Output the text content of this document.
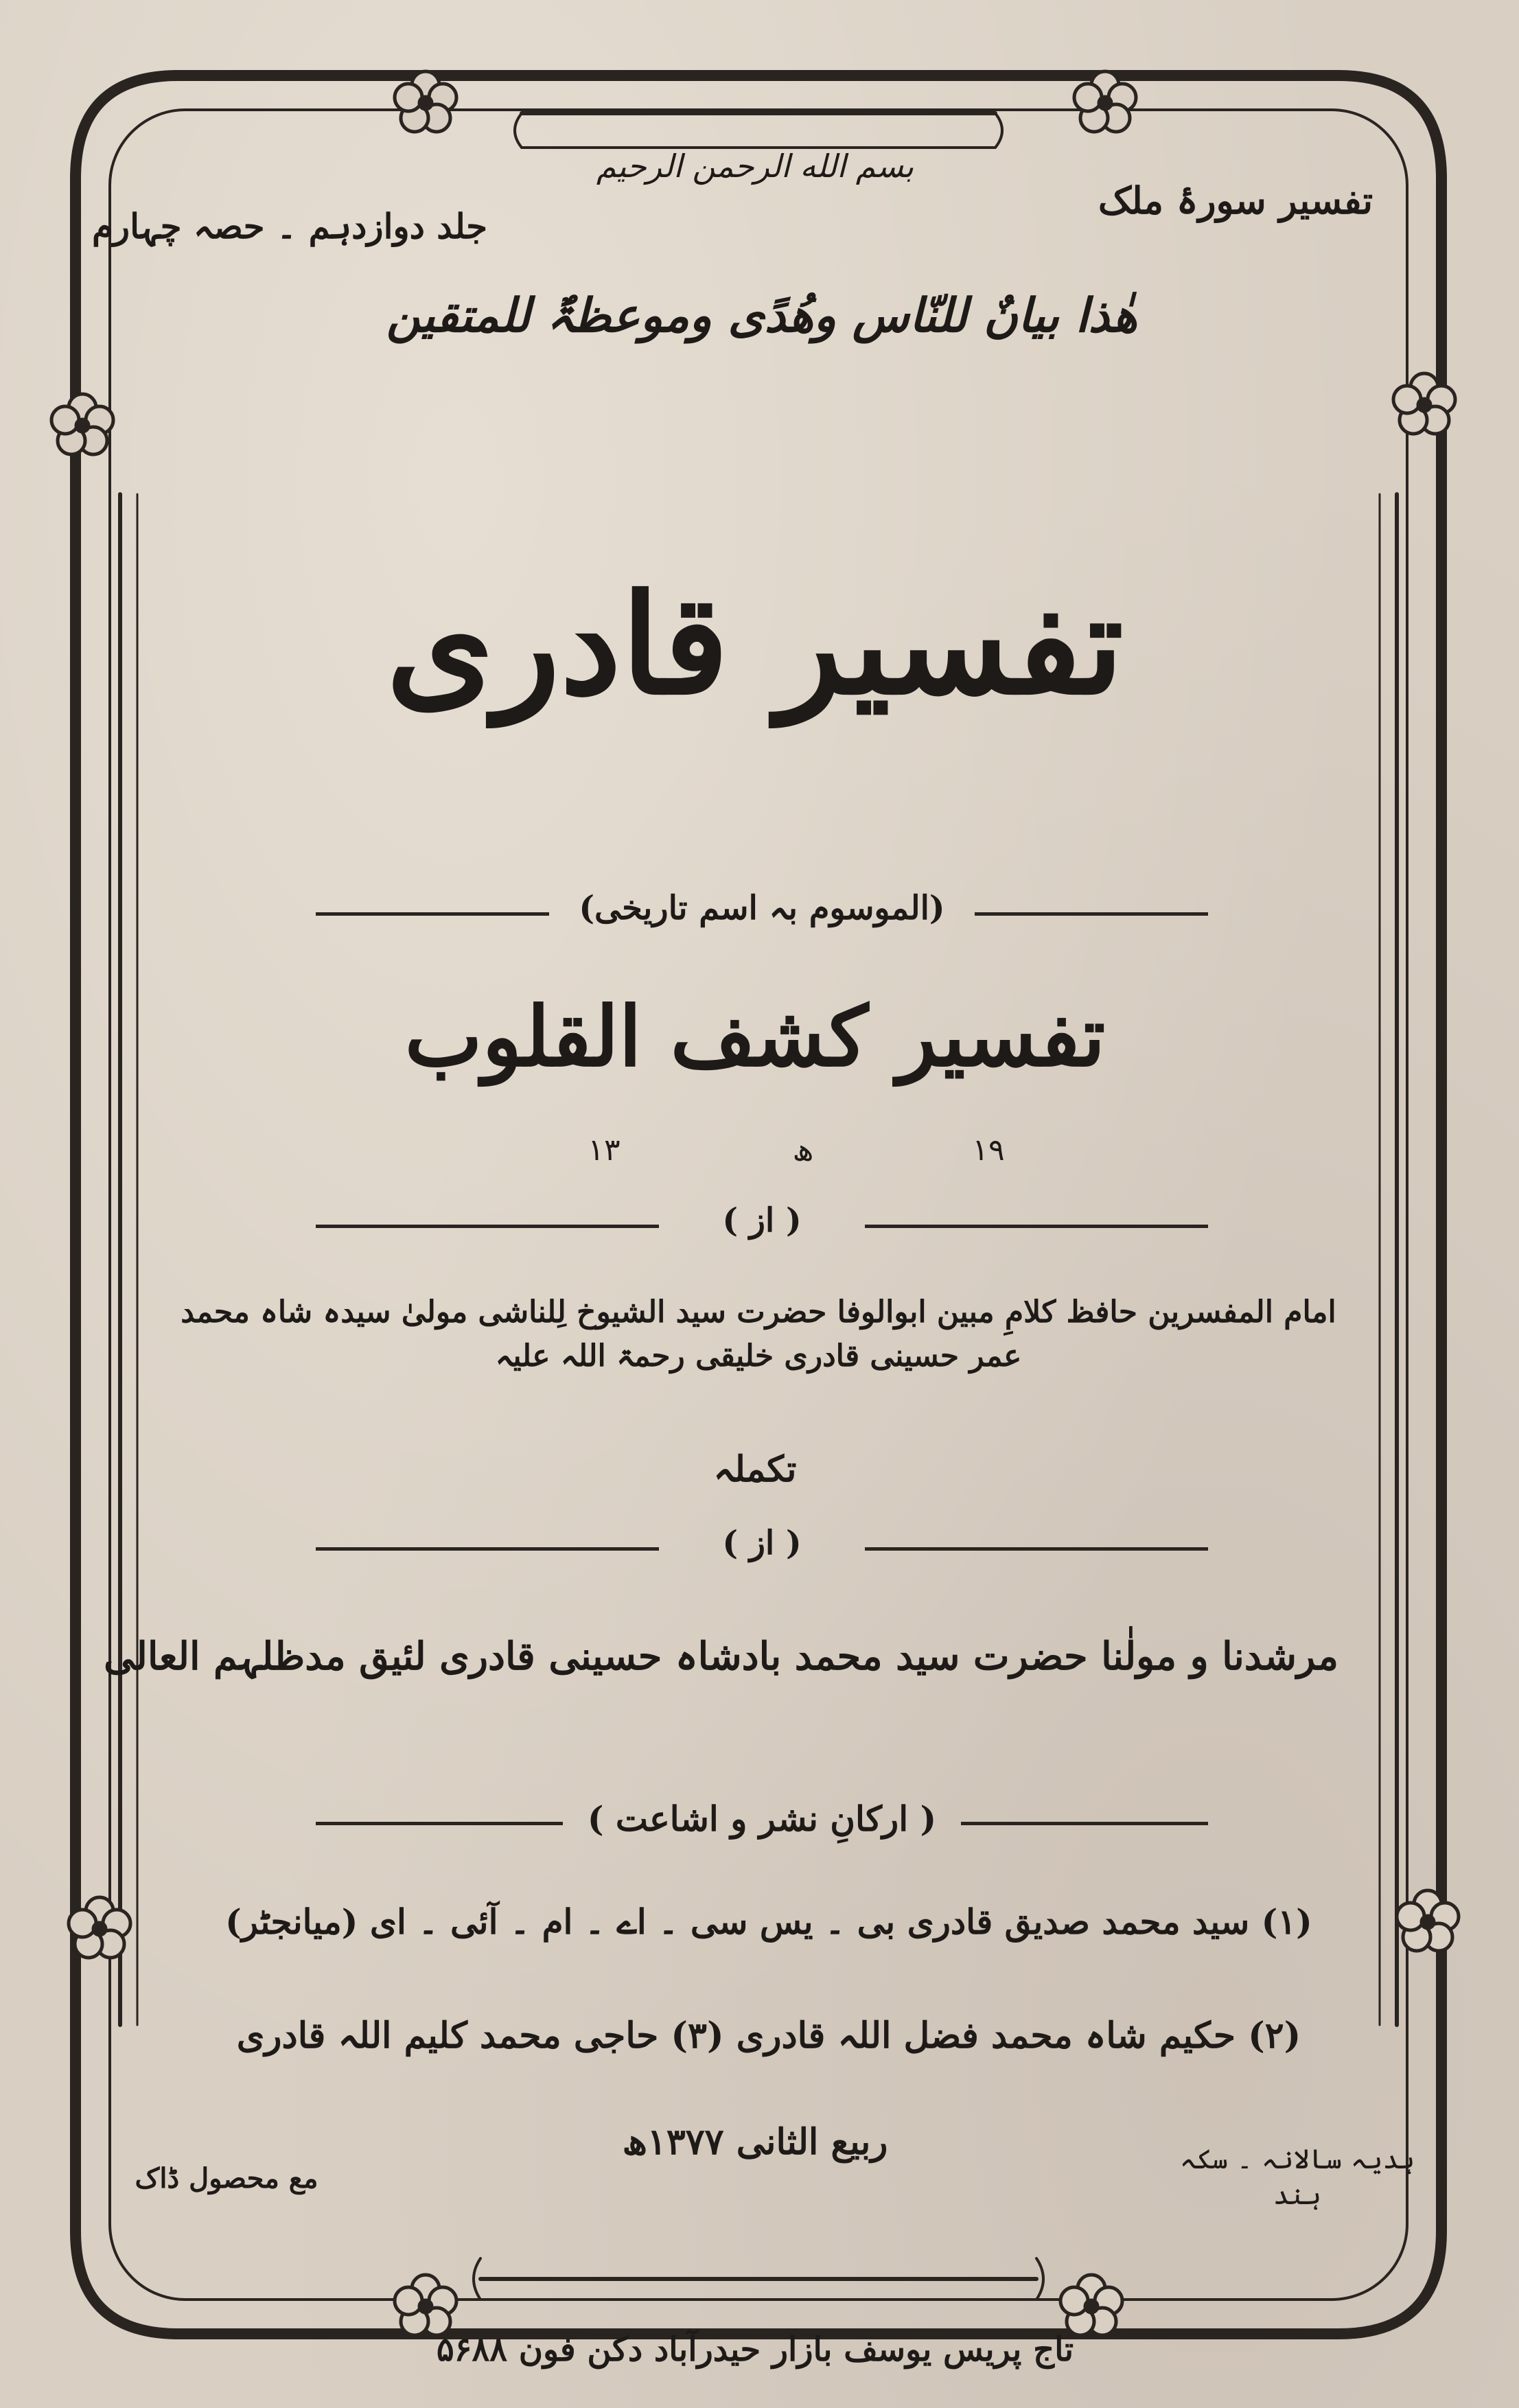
بسم الله الرحمن الرحیم
جلد دوازدہم ۔ حصہ چہارم
تفسیر سورۂ ملک
ھٰذا بیانٌ للنّاس وھُدًی وموعظۃٌ للمتقین
تفسیر قادری
(الموسوم بہ اسم تاریخی)
تفسیر کشف القلوب
۱۹
ھ
۱۳
( از )
امام المفسرین حافظ کلامِ مبین ابوالوفا حضرت سید الشیوخ لِلناشی مولیٰ سیدہ شاہ محمد عمر حسینی قادری خلیقی رحمۃ اللہ علیہ
تکملہ
( از )
مرشدنا و مولٰنا حضرت سید محمد بادشاہ حسینی قادری لئیق مدظلہم العالی
( ارکانِ نشر و اشاعت )
(۱) سید محمد صدیق قادری بی ۔ یس سی ۔ اے ۔ ام ۔ آئی ۔ ای (میانجٹر)
(۲) حکیم شاہ محمد فضل اللہ قادری (۳) حاجی محمد کلیم اللہ قادری
ربیع الثانی ۱۳۷۷ھ	ہدیہ سالانہ ۔ سکہ ہند
مع محصول ڈاک
تاج پریس یوسف بازار حیدرآباد دکن فون ۵۶۸۸
